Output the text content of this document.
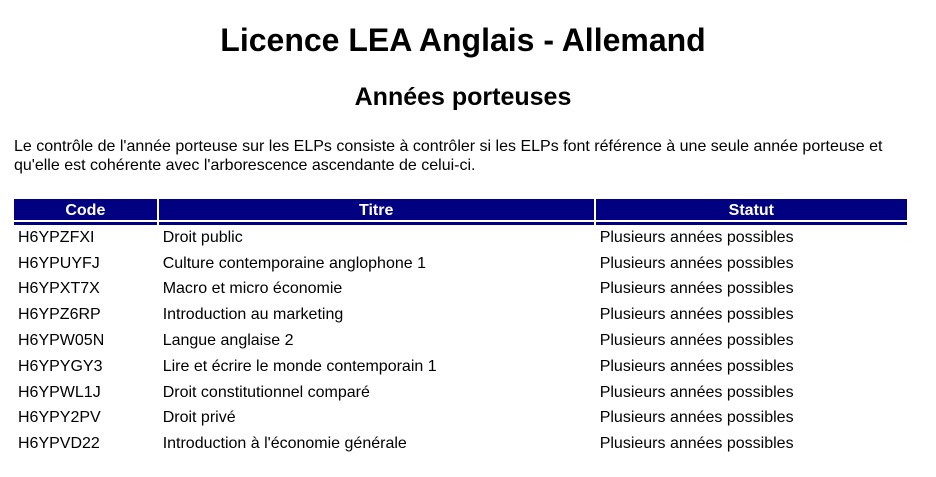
Licence LEA Anglais - Allemand
Années porteuses

Le contrôle de l'année porteuse sur les ELPs consiste à contrôler si les ELPs font référence à une seule année porteuse et qu'elle est cohérente avec l'arborescence ascendante de celui-ci.

Code	Titre	Statut
H6YPZFXI	Droit public	Plusieurs années possibles
H6YPUYFJ	Culture contemporaine anglophone 1	Plusieurs années possibles
H6YPXT7X	Macro et micro économie	Plusieurs années possibles
H6YPZ6RP	Introduction au marketing	Plusieurs années possibles
H6YPW05N	Langue anglaise 2	Plusieurs années possibles
H6YPYGY3	Lire et écrire le monde contemporain 1	Plusieurs années possibles
H6YPWL1J	Droit constitutionnel comparé	Plusieurs années possibles
H6YPY2PV	Droit privé	Plusieurs années possibles
H6YPVD22	Introduction à l'économie générale	Plusieurs années possibles
